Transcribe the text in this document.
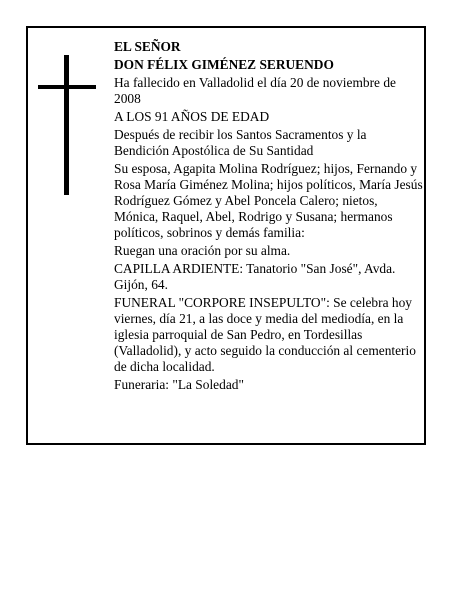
EL SEÑOR

DON FÉLIX GIMÉNEZ SERUENDO

Ha fallecido en Valladolid el día 20 de noviembre de 2008

A LOS 91 AÑOS DE EDAD

Después de recibir los Santos Sacramentos y la Bendición Apostólica de Su Santidad

Su esposa, Agapita Molina Rodríguez; hijos, Fernando y Rosa María Giménez Molina; hijos políticos, María Jesús Rodríguez Gómez y Abel Poncela Calero; nietos, Mónica, Raquel, Abel, Rodrigo y Susana; hermanos políticos, sobrinos y demás familia:

Ruegan una oración por su alma.

CAPILLA ARDIENTE: Tanatorio "San José", Avda. Gijón, 64.

FUNERAL "CORPORE INSEPULTO": Se celebra hoy viernes, día 21, a las doce y media del mediodía, en la iglesia parroquial de San Pedro, en Tordesillas (Valladolid), y acto seguido la conducción al cementerio de dicha localidad.

Funeraria: "La Soledad"
